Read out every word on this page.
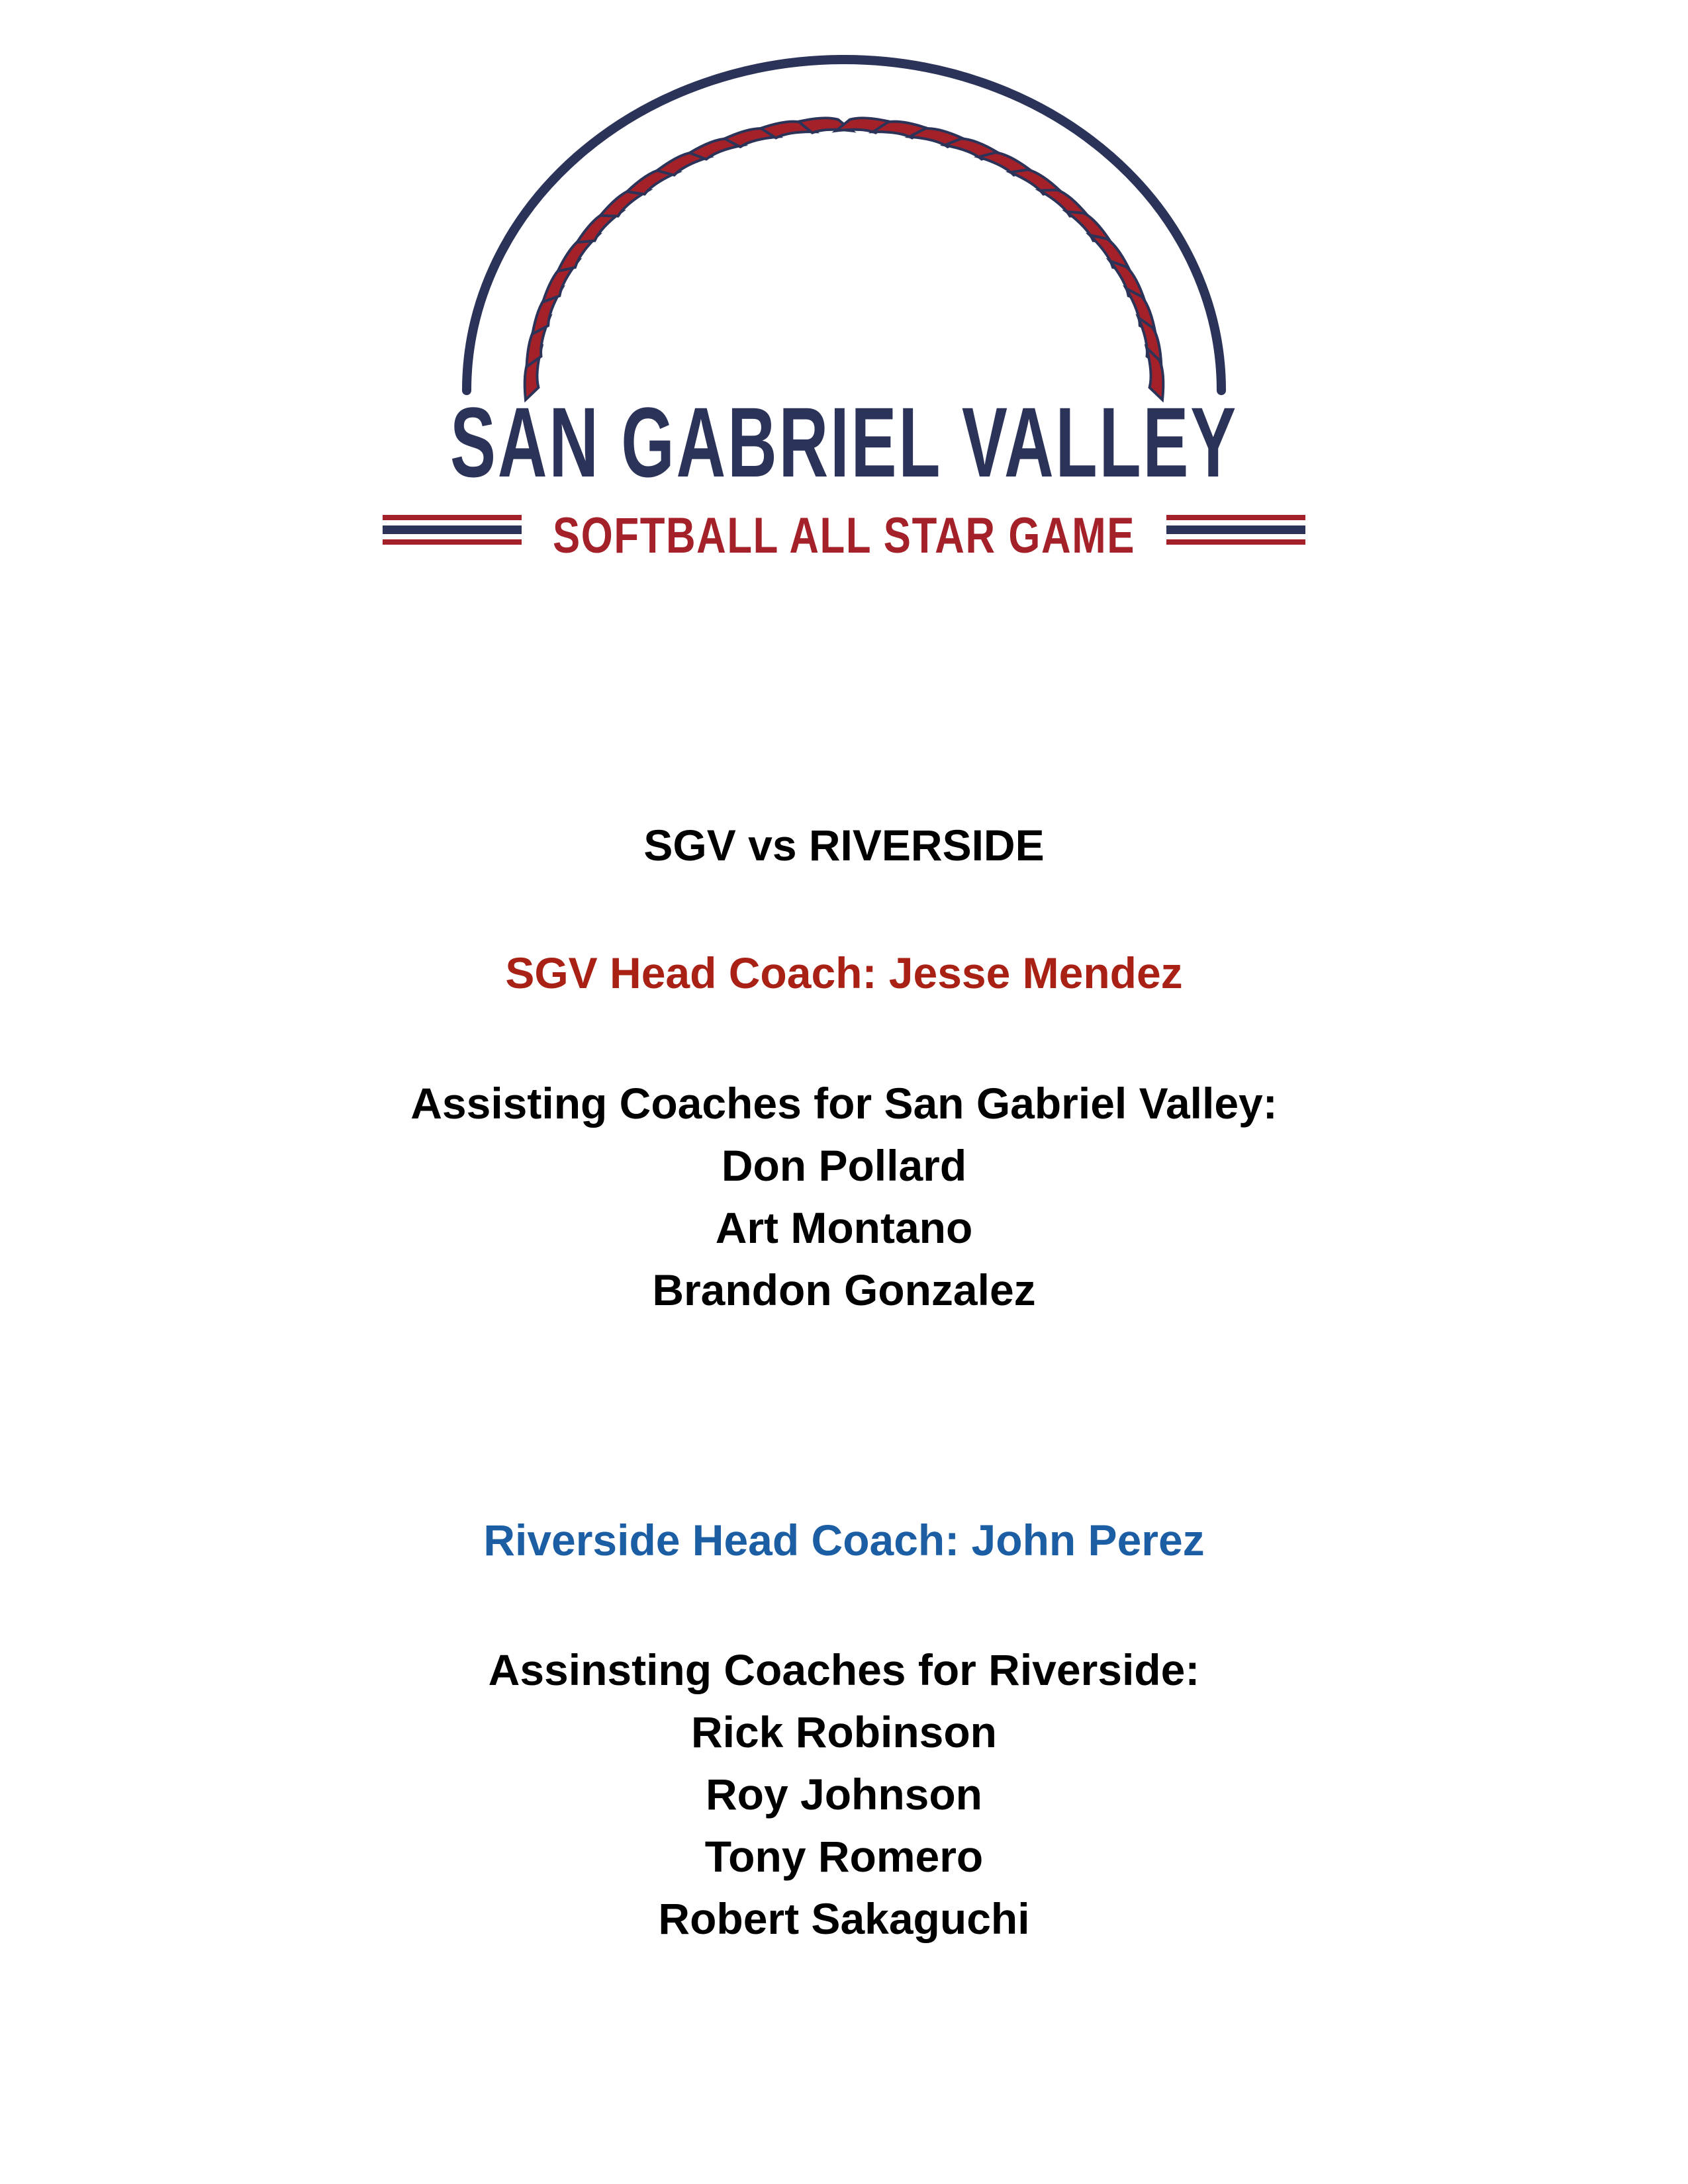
SAN GABRIEL VALLEY
SOFTBALL ALL STAR GAME
SGV vs RIVERSIDE
SGV Head Coach: Jesse Mendez
Assisting Coaches for San Gabriel Valley:
Don Pollard
Art Montano
Brandon Gonzalez
Riverside Head Coach: John Perez
Assinsting Coaches for Riverside:
Rick Robinson
Roy Johnson
Tony Romero
Robert Sakaguchi
